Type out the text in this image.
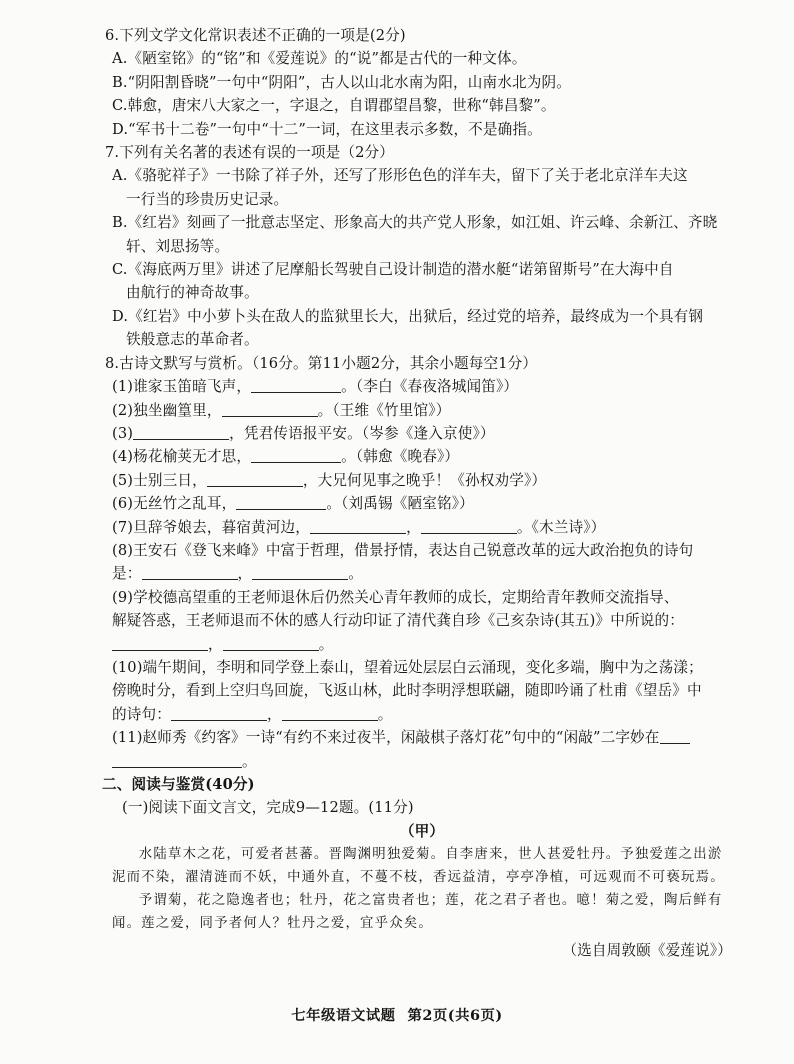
6.下列文学文化常识表述不正确的一项是(2分)
A.《陋室铭》的“铭”和《爱莲说》的“说”都是古代的一种文体。
B.“阴阳割昏晓”一句中“阴阳”，古人以山北水南为阳，山南水北为阴。
C.韩愈，唐宋八大家之一，字退之，自谓郡望昌黎，世称“韩昌黎”。
D.“军书十二卷”一句中“十二”一词，在这里表示多数，不是确指。
7.下列有关名著的表述有误的一项是（2分）
A.《骆驼祥子》一书除了祥子外，还写了形形色色的洋车夫，留下了关于老北京洋车夫这
一行当的珍贵历史记录。
B.《红岩》刻画了一批意志坚定、形象高大的共产党人形象，如江姐、许云峰、余新江、齐晓
轩、刘思扬等。
C.《海底两万里》讲述了尼摩船长驾驶自己设计制造的潜水艇“诺第留斯号”在大海中自
由航行的神奇故事。
D.《红岩》中小萝卜头在敌人的监狱里长大，出狱后，经过党的培养，最终成为一个具有钢
铁般意志的革命者。
8.古诗文默写与赏析。（16分。第11小题2分，其余小题每空1分）
(1)谁家玉笛暗飞声，	。（李白《春夜洛城闻笛》）
(2)独坐幽篁里，	。（王维《竹里馆》）
(3)	，凭君传语报平安。（岑参《逢入京使》）
(4)杨花榆荚无才思，	。（韩愈《晚春》）
(5)士别三日，	，大兄何见事之晚乎！《孙权劝学》）
(6)无丝竹之乱耳，	。（刘禹锡《陋室铭》）
(7)旦辞爷娘去，暮宿黄河边，	，	。《木兰诗》）
(8)王安石《登飞来峰》中富于哲理，借景抒情，表达自己锐意改革的远大政治抱负的诗句
是：	，	。
(9)学校德高望重的王老师退休后仍然关心青年教师的成长，定期给青年教师交流指导、
解疑答惑，王老师退而不休的感人行动印证了清代龚自珍《己亥杂诗(其五)》中所说的：
，	。
(10)端午期间，李明和同学登上泰山，望着远处层层白云涌现，变化多端，胸中为之荡漾；
傍晚时分，看到上空归鸟回旋，飞返山林，此时李明浮想联翩，随即吟诵了杜甫《望岳》中
的诗句：	，	。
(11)赵师秀《约客》一诗“有约不来过夜半，闲敲棋子落灯花”句中的“闲敲”二字妙在
。
二、阅读与鉴赏(40分)
(一)阅读下面文言文，完成9—12题。(11分)
（甲）
水陆草木之花，可爱者甚蕃。晋陶渊明独爱菊。自李唐来，世人甚爱牡丹。予独爱莲之出淤泥而不染，濯清涟而不妖，中通外直，不蔓不枝，香远益清，亭亭净植，可远观而不可亵玩焉。
予谓菊，花之隐逸者也；牡丹，花之富贵者也；莲，花之君子者也。噫！菊之爱，陶后鲜有闻。莲之爱，同予者何人？牡丹之爱，宜乎众矣。
（选自周敦颐《爱莲说》）
七年级语文试题 第2页(共6页)
